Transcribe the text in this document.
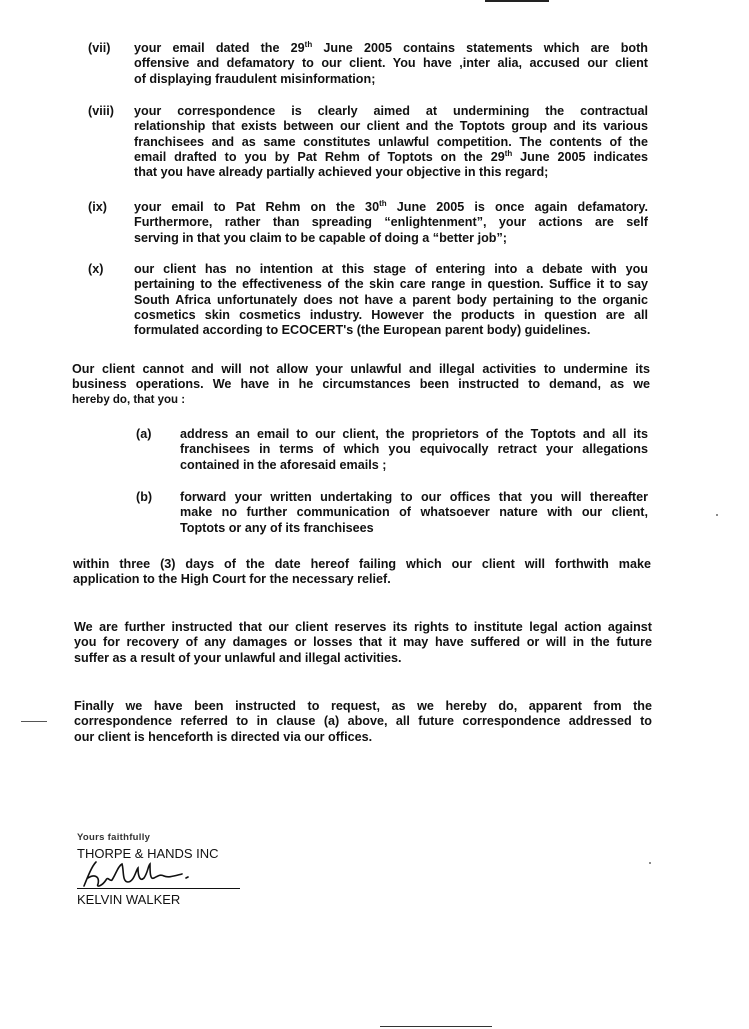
(vii) your email dated the 29th June 2005 contains statements which are both
offensive and defamatory to our client. You have ,inter alia, accused our client
of displaying fraudulent misinformation;
(viii) your correspondence is clearly aimed at undermining the contractual
relationship that exists between our client and the Toptots group and its various
franchisees and as same constitutes unlawful competition. The contents of the
email drafted to you by Pat Rehm of Toptots on the 29th June 2005 indicates
that you have already partially achieved your objective in this regard;
(ix) your email to Pat Rehm on the 30th June 2005 is once again defamatory.
Furthermore, rather than spreading “enlightenment”, your actions are self
serving in that you claim to be capable of doing a “better job”;
(x) our client has no intention at this stage of entering into a debate with you
pertaining to the effectiveness of the skin care range in question. Suffice it to say
South Africa unfortunately does not have a parent body pertaining to the organic
cosmetics skin cosmetics industry. However the products in question are all
formulated according to ECOCERT's (the European parent body) guidelines.
Our client cannot and will not allow your unlawful and illegal activities to undermine its
business operations. We have in he circumstances been instructed to demand, as we
hereby do, that you :
(a) address an email to our client, the proprietors of the Toptots and all its
franchisees in terms of which you equivocally retract your allegations
contained in the aforesaid emails ;
(b) forward your written undertaking to our offices that you will thereafter
make no further communication of whatsoever nature with our client,
Toptots or any of its franchisees
within three (3) days of the date hereof failing which our client will forthwith make
application to the High Court for the necessary relief.
We are further instructed that our client reserves its rights to institute legal action against
you for recovery of any damages or losses that it may have suffered or will in the future
suffer as a result of your unlawful and illegal activities.
Finally we have been instructed to request, as we hereby do, apparent from the
correspondence referred to in clause (a) above, all future correspondence addressed to
our client is henceforth is directed via our offices.
Yours faithfully
THORPE & HANDS INC
KELVIN WALKER
